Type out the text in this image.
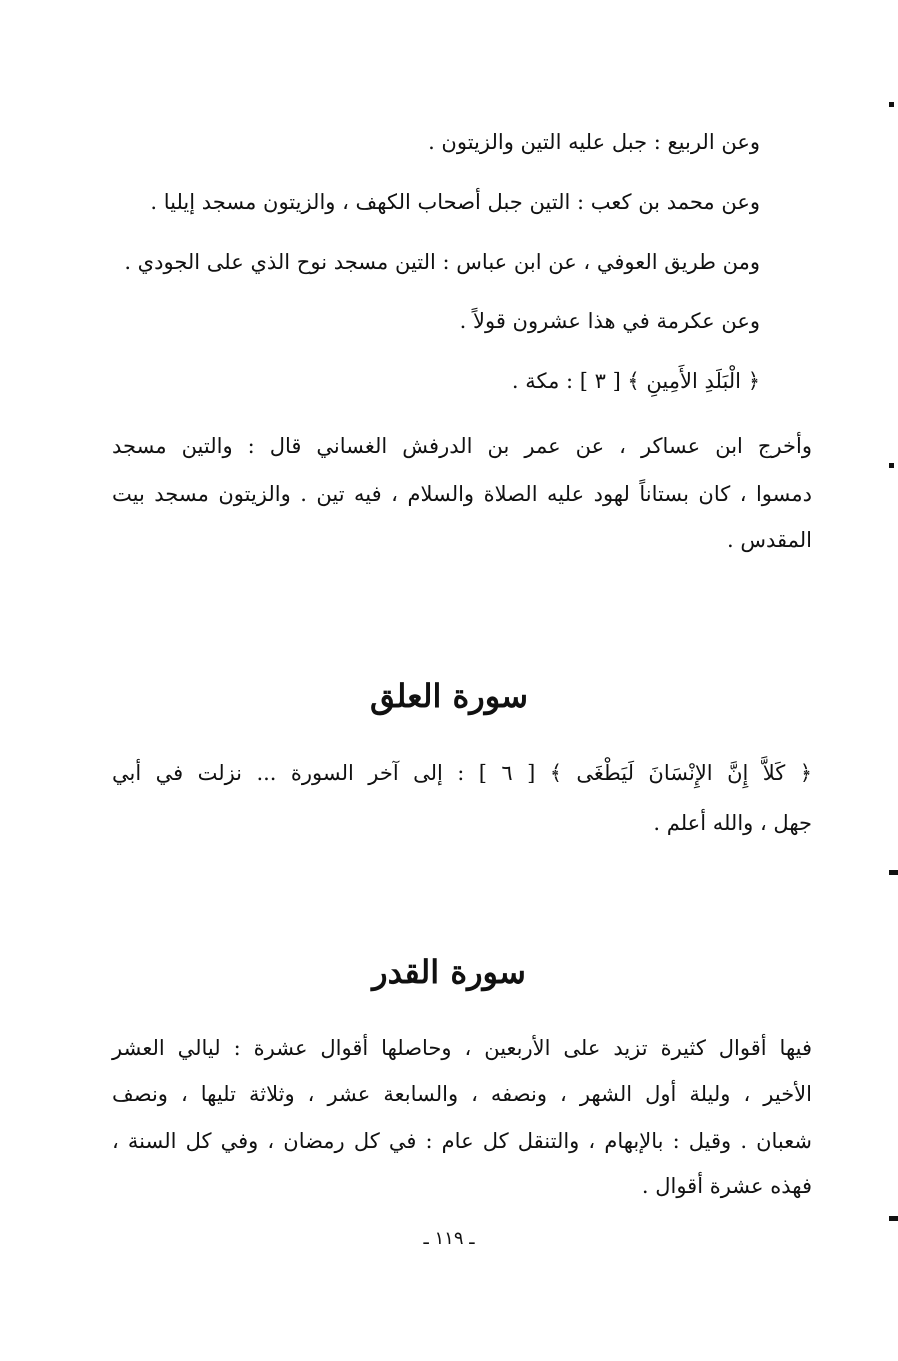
وعن الربيع : جبل عليه التين والزيتون .
وعن محمد بن كعب : التين جبل أصحاب الكهف ، والزيتون مسجد إيليا .
ومن طريق العوفي ، عن ابن عباس : التين مسجد نوح الذي على الجودي .
وعن عكرمة في هذا عشرون قولاً .
﴿ الْبَلَدِ الأَمِينِ ﴾ [ ٣ ] : مكة .
وأخرج ابن عساكر ، عن عمر بن الدرفش الغساني قال : والتين مسجد
دمسوا ، كان بستاناً لهود عليه الصلاة والسلام ، فيه تين . والزيتون مسجد بيت
المقدس .
سورة العلق
﴿ كَلاَّ إِنَّ الإِنْسَانَ لَيَطْغَى ﴾ [ ٦ ] : إلى آخر السورة ... نزلت في أبي
جهل ، والله أعلم .
سورة القدر
فيها أقوال كثيرة تزيد على الأربعين ، وحاصلها أقوال عشرة : ليالي العشر
الأخير ، وليلة أول الشهر ، ونصفه ، والسابعة عشر ، وثلاثة تليها ، ونصف
شعبان . وقيل : بالإبهام ، والتنقل كل عام : في كل رمضان ، وفي كل السنة ،
فهذه عشرة أقوال .
ـ ١١٩ ـ
